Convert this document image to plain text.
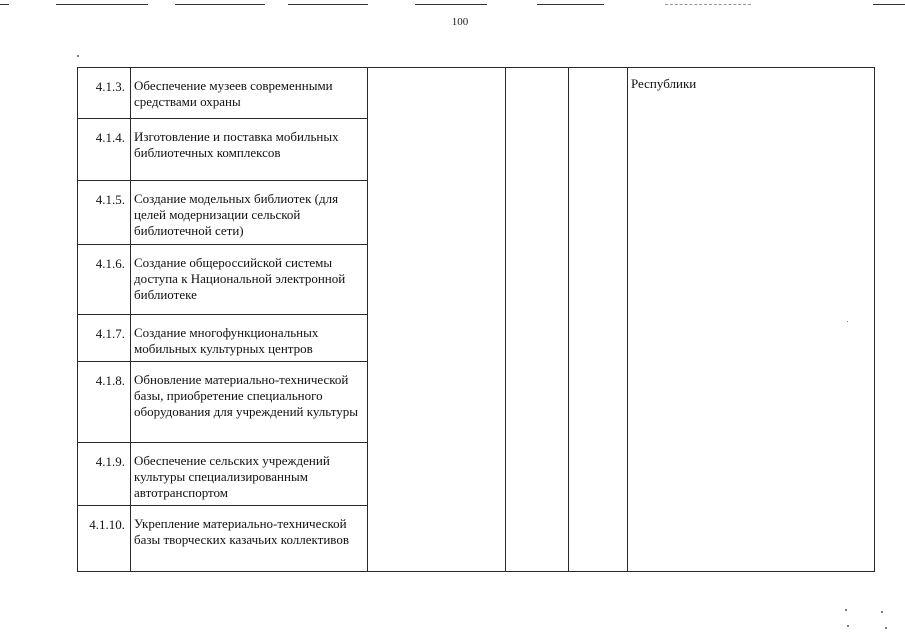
100
4.1.3.	Обеспечение музеев современными средствами охраны				Республики

4.1.4.	Изготовление и поставка мобильных библиотечных комплексов				

4.1.5.	Создание модельных библиотек (для целей модернизации сельской библиотечной сети)				

4.1.6.	Создание общероссийской системы доступа к Национальной электронной библиотеке				

4.1.7.	Создание многофункциональных мобильных культурных центров				

4.1.8.	Обновление материально-технической базы, приобретение специального оборудования для учреждений культуры				

4.1.9.	Обеспечение сельских учреждений культуры специализированным автотранспортом				

4.1.10.	Укрепление материально-технической базы творческих казачьих коллективов				
